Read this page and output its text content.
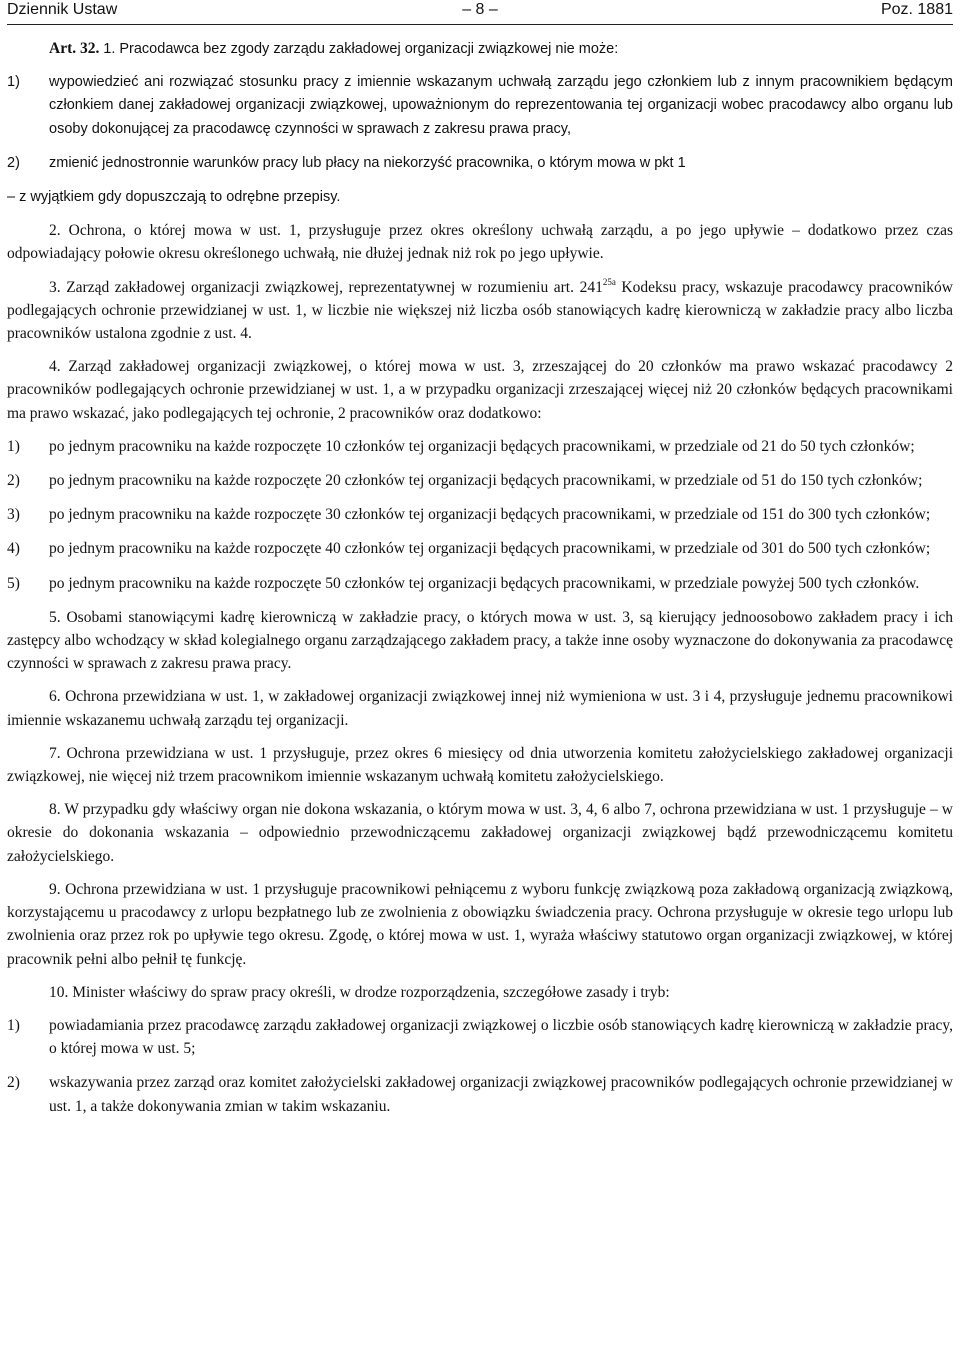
Dziennik Ustaw	– 8 –	Poz. 1881

Art. 32. 1. Pracodawca bez zgody zarządu zakładowej organizacji związkowej nie może:

1) wypowiedzieć ani rozwiązać stosunku pracy z imiennie wskazanym uchwałą zarządu jego członkiem lub z innym pracownikiem będącym członkiem danej zakładowej organizacji związkowej, upoważnionym do reprezentowania tej organizacji wobec pracodawcy albo organu lub osoby dokonującej za pracodawcę czynności w sprawach z zakresu prawa pracy,
2) zmienić jednostronnie warunków pracy lub płacy na niekorzyść pracownika, o którym mowa w pkt 1

– z wyjątkiem gdy dopuszczają to odrębne przepisy.

2. Ochrona, o której mowa w ust. 1, przysługuje przez okres określony uchwałą zarządu, a po jego upływie – dodatkowo przez czas odpowiadający połowie okresu określonego uchwałą, nie dłużej jednak niż rok po jego upływie.

3. Zarząd zakładowej organizacji związkowej, reprezentatywnej w rozumieniu art. $241^{25a}$ Kodeksu pracy, wskazuje pracodawcy pracowników podlegających ochronie przewidzianej w ust. 1, w liczbie nie większej niż liczba osób stanowiących kadrę kierowniczą w zakładzie pracy albo liczba pracowników ustalona zgodnie z ust. 4.

4. Zarząd zakładowej organizacji związkowej, o której mowa w ust. 3, zrzeszającej do 20 członków ma prawo wskazać pracodawcy 2 pracowników podlegających ochronie przewidzianej w ust. 1, a w przypadku organizacji zrzeszającej więcej niż 20 członków będących pracownikami ma prawo wskazać, jako podlegających tej ochronie, 2 pracowników oraz dodatkowo:

1) po jednym pracowniku na każde rozpoczęte 10 członków tej organizacji będących pracownikami, w przedziale od 21 do 50 tych członków;
2) po jednym pracowniku na każde rozpoczęte 20 członków tej organizacji będących pracownikami, w przedziale od 51 do 150 tych członków;
3) po jednym pracowniku na każde rozpoczęte 30 członków tej organizacji będących pracownikami, w przedziale od 151 do 300 tych członków;
4) po jednym pracowniku na każde rozpoczęte 40 członków tej organizacji będących pracownikami, w przedziale od 301 do 500 tych członków;
5) po jednym pracowniku na każde rozpoczęte 50 członków tej organizacji będących pracownikami, w przedziale powyżej 500 tych członków.

5. Osobami stanowiącymi kadrę kierowniczą w zakładzie pracy, o których mowa w ust. 3, są kierujący jednoosobowo zakładem pracy i ich zastępcy albo wchodzący w skład kolegialnego organu zarządzającego zakładem pracy, a także inne osoby wyznaczone do dokonywania za pracodawcę czynności w sprawach z zakresu prawa pracy.

6. Ochrona przewidziana w ust. 1, w zakładowej organizacji związkowej innej niż wymieniona w ust. 3 i 4, przysługuje jednemu pracownikowi imiennie wskazanemu uchwałą zarządu tej organizacji.

7. Ochrona przewidziana w ust. 1 przysługuje, przez okres 6 miesięcy od dnia utworzenia komitetu założycielskiego zakładowej organizacji związkowej, nie więcej niż trzem pracownikom imiennie wskazanym uchwałą komitetu założycielskiego.

8. W przypadku gdy właściwy organ nie dokona wskazania, o którym mowa w ust. 3, 4, 6 albo 7, ochrona przewidziana w ust. 1 przysługuje – w okresie do dokonania wskazania – odpowiednio przewodniczącemu zakładowej organizacji związkowej bądź przewodniczącemu komitetu założycielskiego.

9. Ochrona przewidziana w ust. 1 przysługuje pracownikowi pełniącemu z wyboru funkcję związkową poza zakładową organizacją związkową, korzystającemu u pracodawcy z urlopu bezpłatnego lub ze zwolnienia z obowiązku świadczenia pracy. Ochrona przysługuje w okresie tego urlopu lub zwolnienia oraz przez rok po upływie tego okresu. Zgodę, o której mowa w ust. 1, wyraża właściwy statutowo organ organizacji związkowej, w której pracownik pełni albo pełnił tę funkcję.

10. Minister właściwy do spraw pracy określi, w drodze rozporządzenia, szczegółowe zasady i tryb:

1) powiadamiania przez pracodawcę zarządu zakładowej organizacji związkowej o liczbie osób stanowiących kadrę kierowniczą w zakładzie pracy, o której mowa w ust. 5;
2) wskazywania przez zarząd oraz komitet założycielski zakładowej organizacji związkowej pracowników podlegających ochronie przewidzianej w ust. 1, a także dokonywania zmian w takim wskazaniu.
